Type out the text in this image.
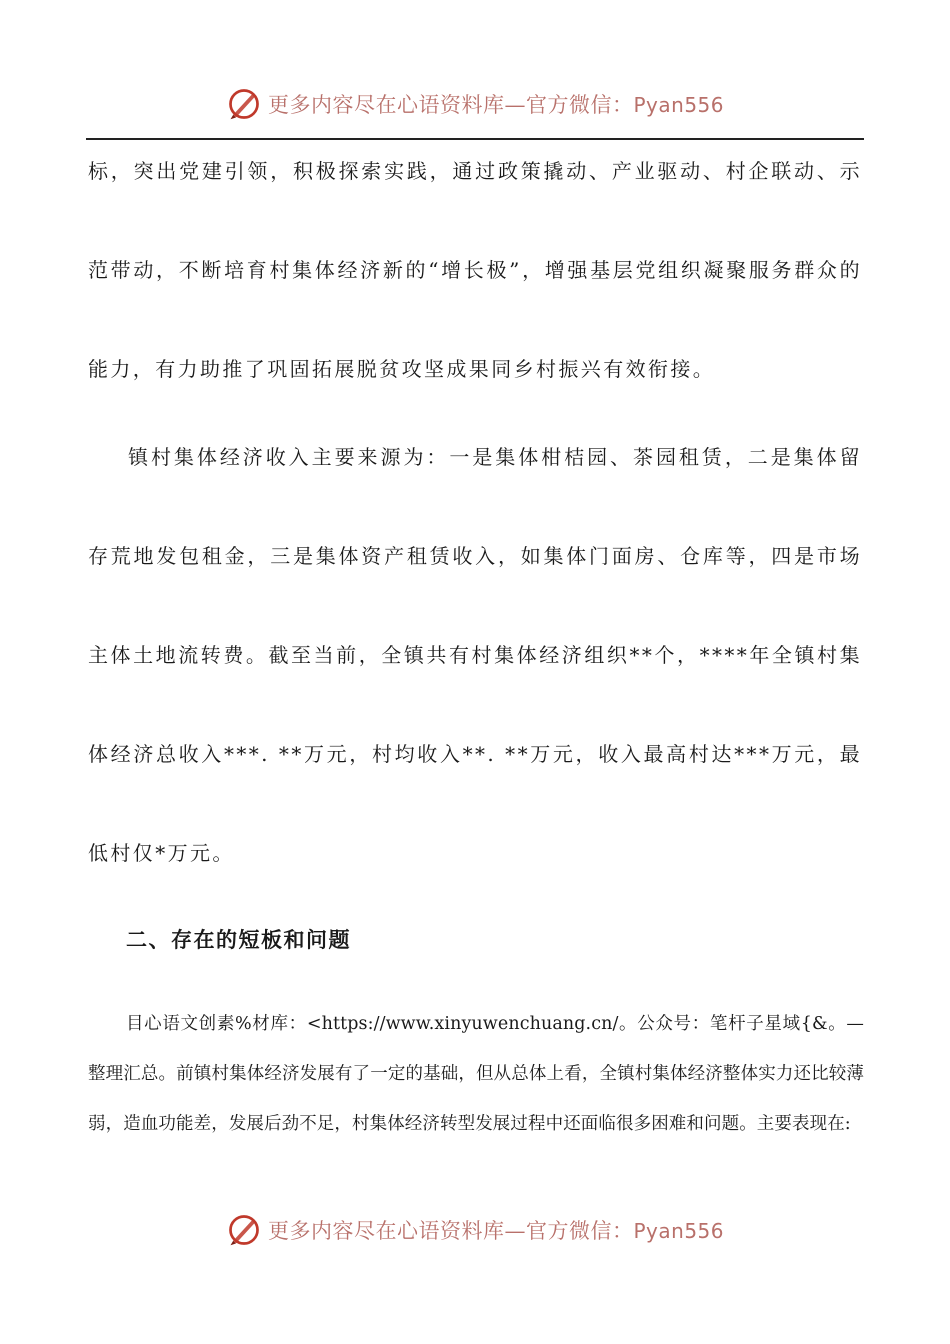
更多内容尽在心语资料库—官方微信：Pyan556

标，突出党建引领，积极探索实践，通过政策撬动、产业驱动、村企联动、示范带动，不断培育村集体经济新的“增长极”，增强基层党组织凝聚服务群众的能力，有力助推了巩固拓展脱贫攻坚成果同乡村振兴有效衔接。

镇村集体经济收入主要来源为：一是集体柑桔园、茶园租赁，二是集体留存荒地发包租金，三是集体资产租赁收入，如集体门面房、仓库等，四是市场主体土地流转费。截至当前，全镇共有村集体经济组织**个，****年全镇村集体经济总收入***. **万元，村均收入**. **万元，收入最高村达***万元，最低村仅*万元。

二、存在的短板和问题

目心语文创素%材库：<https://www.xinyuwenchuang.cn/。公众号：笔杆子星域{&。—整理汇总。前镇村集体经济发展有了一定的基础，但从总体上看，全镇村集体经济整体实力还比较薄弱，造血功能差，发展后劲不足，村集体经济转型发展过程中还面临很多困难和问题。主要表现在:

更多内容尽在心语资料库—官方微信：Pyan556
